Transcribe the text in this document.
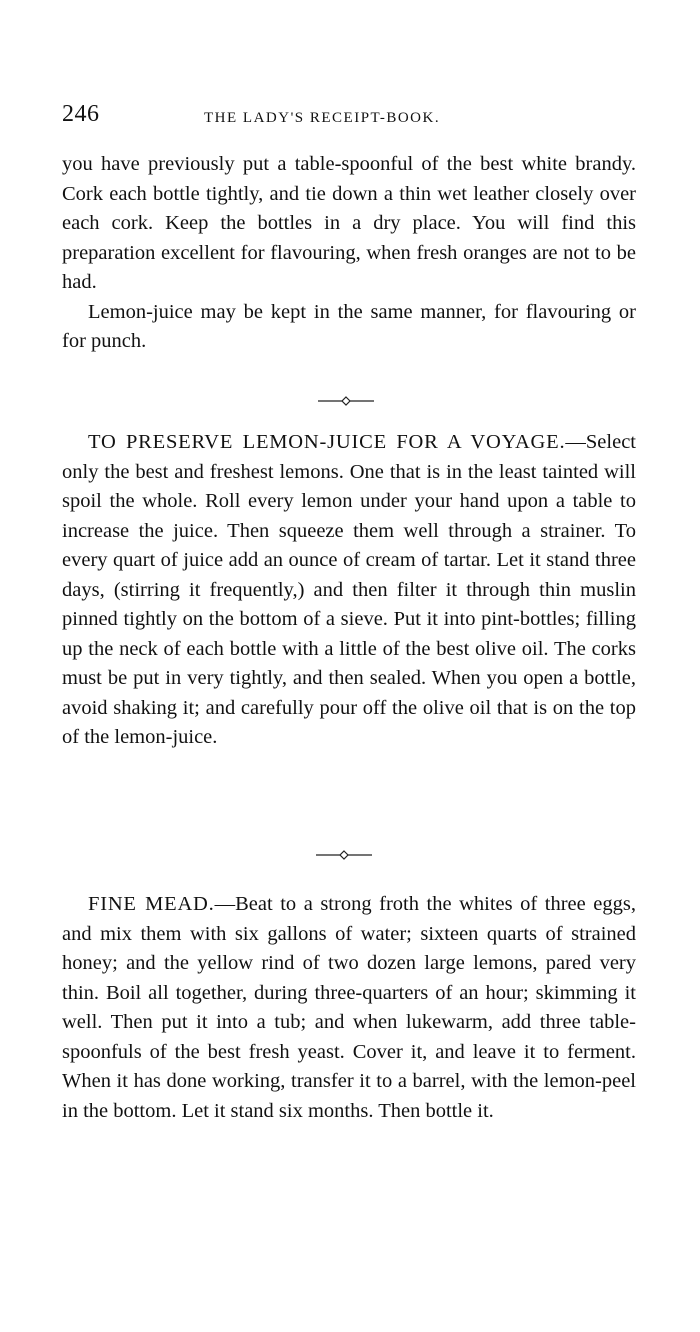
246	THE LADY'S RECEIPT-BOOK.

you have previously put a table-spoonful of the best white brandy. Cork each bottle tightly, and tie down a thin wet leather closely over each cork. Keep the bottles in a dry place. You will find this preparation excellent for flavouring, when fresh oranges are not to be had.

Lemon-juice may be kept in the same manner, for flavouring or for punch.

TO PRESERVE LEMON-JUICE FOR A VOYAGE.—Select only the best and freshest lemons. One that is in the least tainted will spoil the whole. Roll every lemon under your hand upon a table to increase the juice. Then squeeze them well through a strainer. To every quart of juice add an ounce of cream of tartar. Let it stand three days, (stirring it frequently,) and then filter it through thin muslin pinned tightly on the bottom of a sieve. Put it into pint-bottles; filling up the neck of each bottle with a little of the best olive oil. The corks must be put in very tightly, and then sealed. When you open a bottle, avoid shaking it; and carefully pour off the olive oil that is on the top of the lemon-juice.

FINE MEAD.—Beat to a strong froth the whites of three eggs, and mix them with six gallons of water; sixteen quarts of strained honey; and the yellow rind of two dozen large lemons, pared very thin. Boil all together, during three-quarters of an hour; skimming it well. Then put it into a tub; and when lukewarm, add three table-spoonfuls of the best fresh yeast. Cover it, and leave it to ferment. When it has done working, transfer it to a barrel, with the lemon-peel in the bottom. Let it stand six months. Then bottle it.
